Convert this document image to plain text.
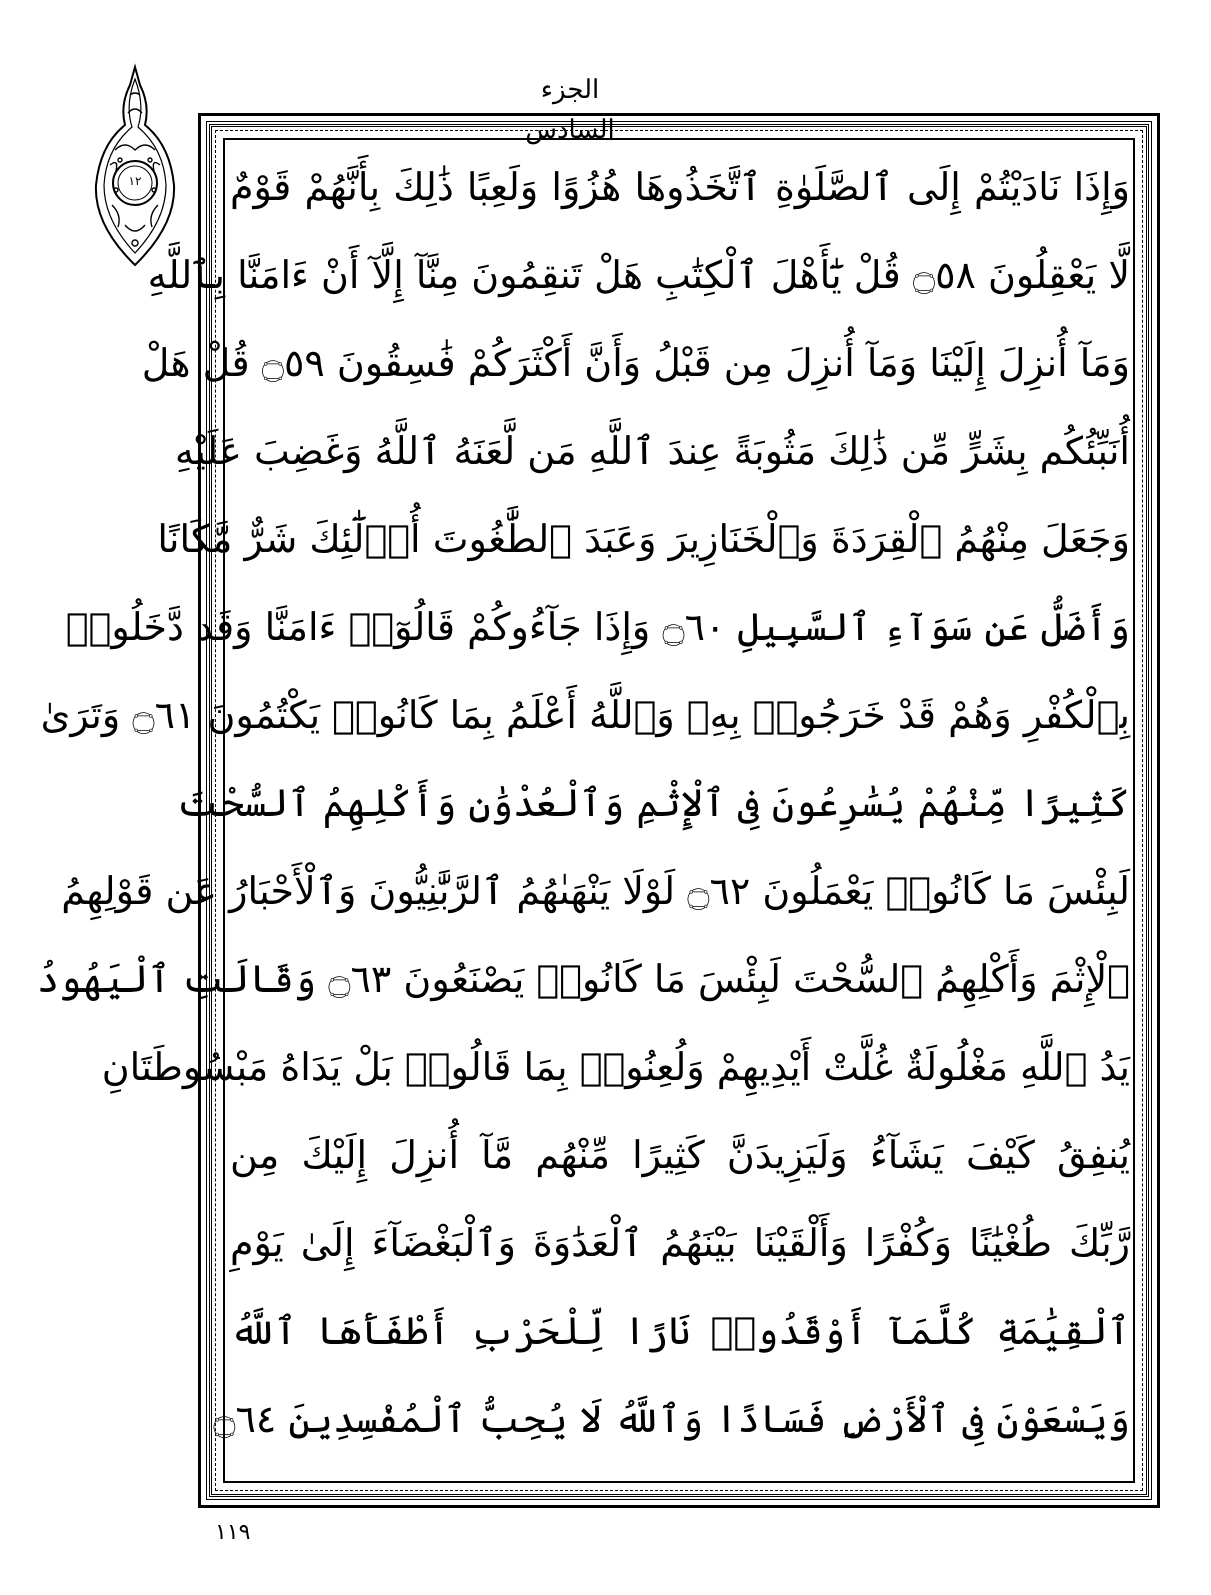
الجزء السادس
١٢	وَإِذَا نَادَيْتُمْ إِلَى ٱلصَّلَوٰةِ ٱتَّخَذُوهَا هُزُوًا وَلَعِبًا ذَٰلِكَ بِأَنَّهُمْ قَوْمٌ
لَّا يَعْقِلُونَ ۝٥٨ قُلْ يَٰٓأَهْلَ ٱلْكِتَٰبِ هَلْ تَنقِمُونَ مِنَّآ إِلَّآ أَنْ ءَامَنَّا بِٱللَّهِ
وَمَآ أُنزِلَ إِلَيْنَا وَمَآ أُنزِلَ مِن قَبْلُ وَأَنَّ أَكْثَرَكُمْ فَٰسِقُونَ ۝٥٩ قُلْ هَلْ
أُنَبِّئُكُم بِشَرٍّ مِّن ذَٰلِكَ مَثُوبَةً عِندَ ٱللَّهِ مَن لَّعَنَهُ ٱللَّهُ وَغَضِبَ عَلَيْهِ
وَجَعَلَ مِنْهُمُ ٱلْقِرَدَةَ وَٱلْخَنَازِيرَ وَعَبَدَ ٱلطَّٰغُوتَ أُو۟لَٰٓئِكَ شَرٌّ مَّكَانًا
وَأَضَلُّ عَن سَوَآءِ ٱلسَّبِيلِ ۝٦٠ وَإِذَا جَآءُوكُمْ قَالُوٓا۟ ءَامَنَّا وَقَد دَّخَلُوا۟
بِٱلْكُفْرِ وَهُمْ قَدْ خَرَجُوا۟ بِهِۦ وَٱللَّهُ أَعْلَمُ بِمَا كَانُوا۟ يَكْتُمُونَ ۝٦١ وَتَرَىٰ
كَثِيرًا مِّنْهُمْ يُسَٰرِعُونَ فِى ٱلْإِثْمِ وَٱلْعُدْوَٰنِ وَأَكْلِهِمُ ٱلسُّحْتَ
لَبِئْسَ مَا كَانُوا۟ يَعْمَلُونَ ۝٦٢ لَوْلَا يَنْهَىٰهُمُ ٱلرَّبَّٰنِيُّونَ وَٱلْأَحْبَارُ عَن قَوْلِهِمُ
ٱلْإِثْمَ وَأَكْلِهِمُ ٱلسُّحْتَ لَبِئْسَ مَا كَانُوا۟ يَصْنَعُونَ ۝٦٣ وَقَالَتِ ٱلْيَهُودُ
يَدُ ٱللَّهِ مَغْلُولَةٌ غُلَّتْ أَيْدِيهِمْ وَلُعِنُوا۟ بِمَا قَالُوا۟ بَلْ يَدَاهُ مَبْسُوطَتَانِ
يُنفِقُ كَيْفَ يَشَآءُ وَلَيَزِيدَنَّ كَثِيرًا مِّنْهُم مَّآ أُنزِلَ إِلَيْكَ مِن
رَّبِّكَ طُغْيَٰنًا وَكُفْرًا وَأَلْقَيْنَا بَيْنَهُمُ ٱلْعَدَٰوَةَ وَٱلْبَغْضَآءَ إِلَىٰ يَوْمِ
ٱلْقِيَٰمَةِ كُلَّمَآ أَوْقَدُوا۟ نَارًا لِّلْحَرْبِ أَطْفَأَهَا ٱللَّهُ
وَيَسْعَوْنَ فِى ٱلْأَرْضِ فَسَادًا وَٱللَّهُ لَا يُحِبُّ ٱلْمُفْسِدِينَ ۝٦٤
١١٩
